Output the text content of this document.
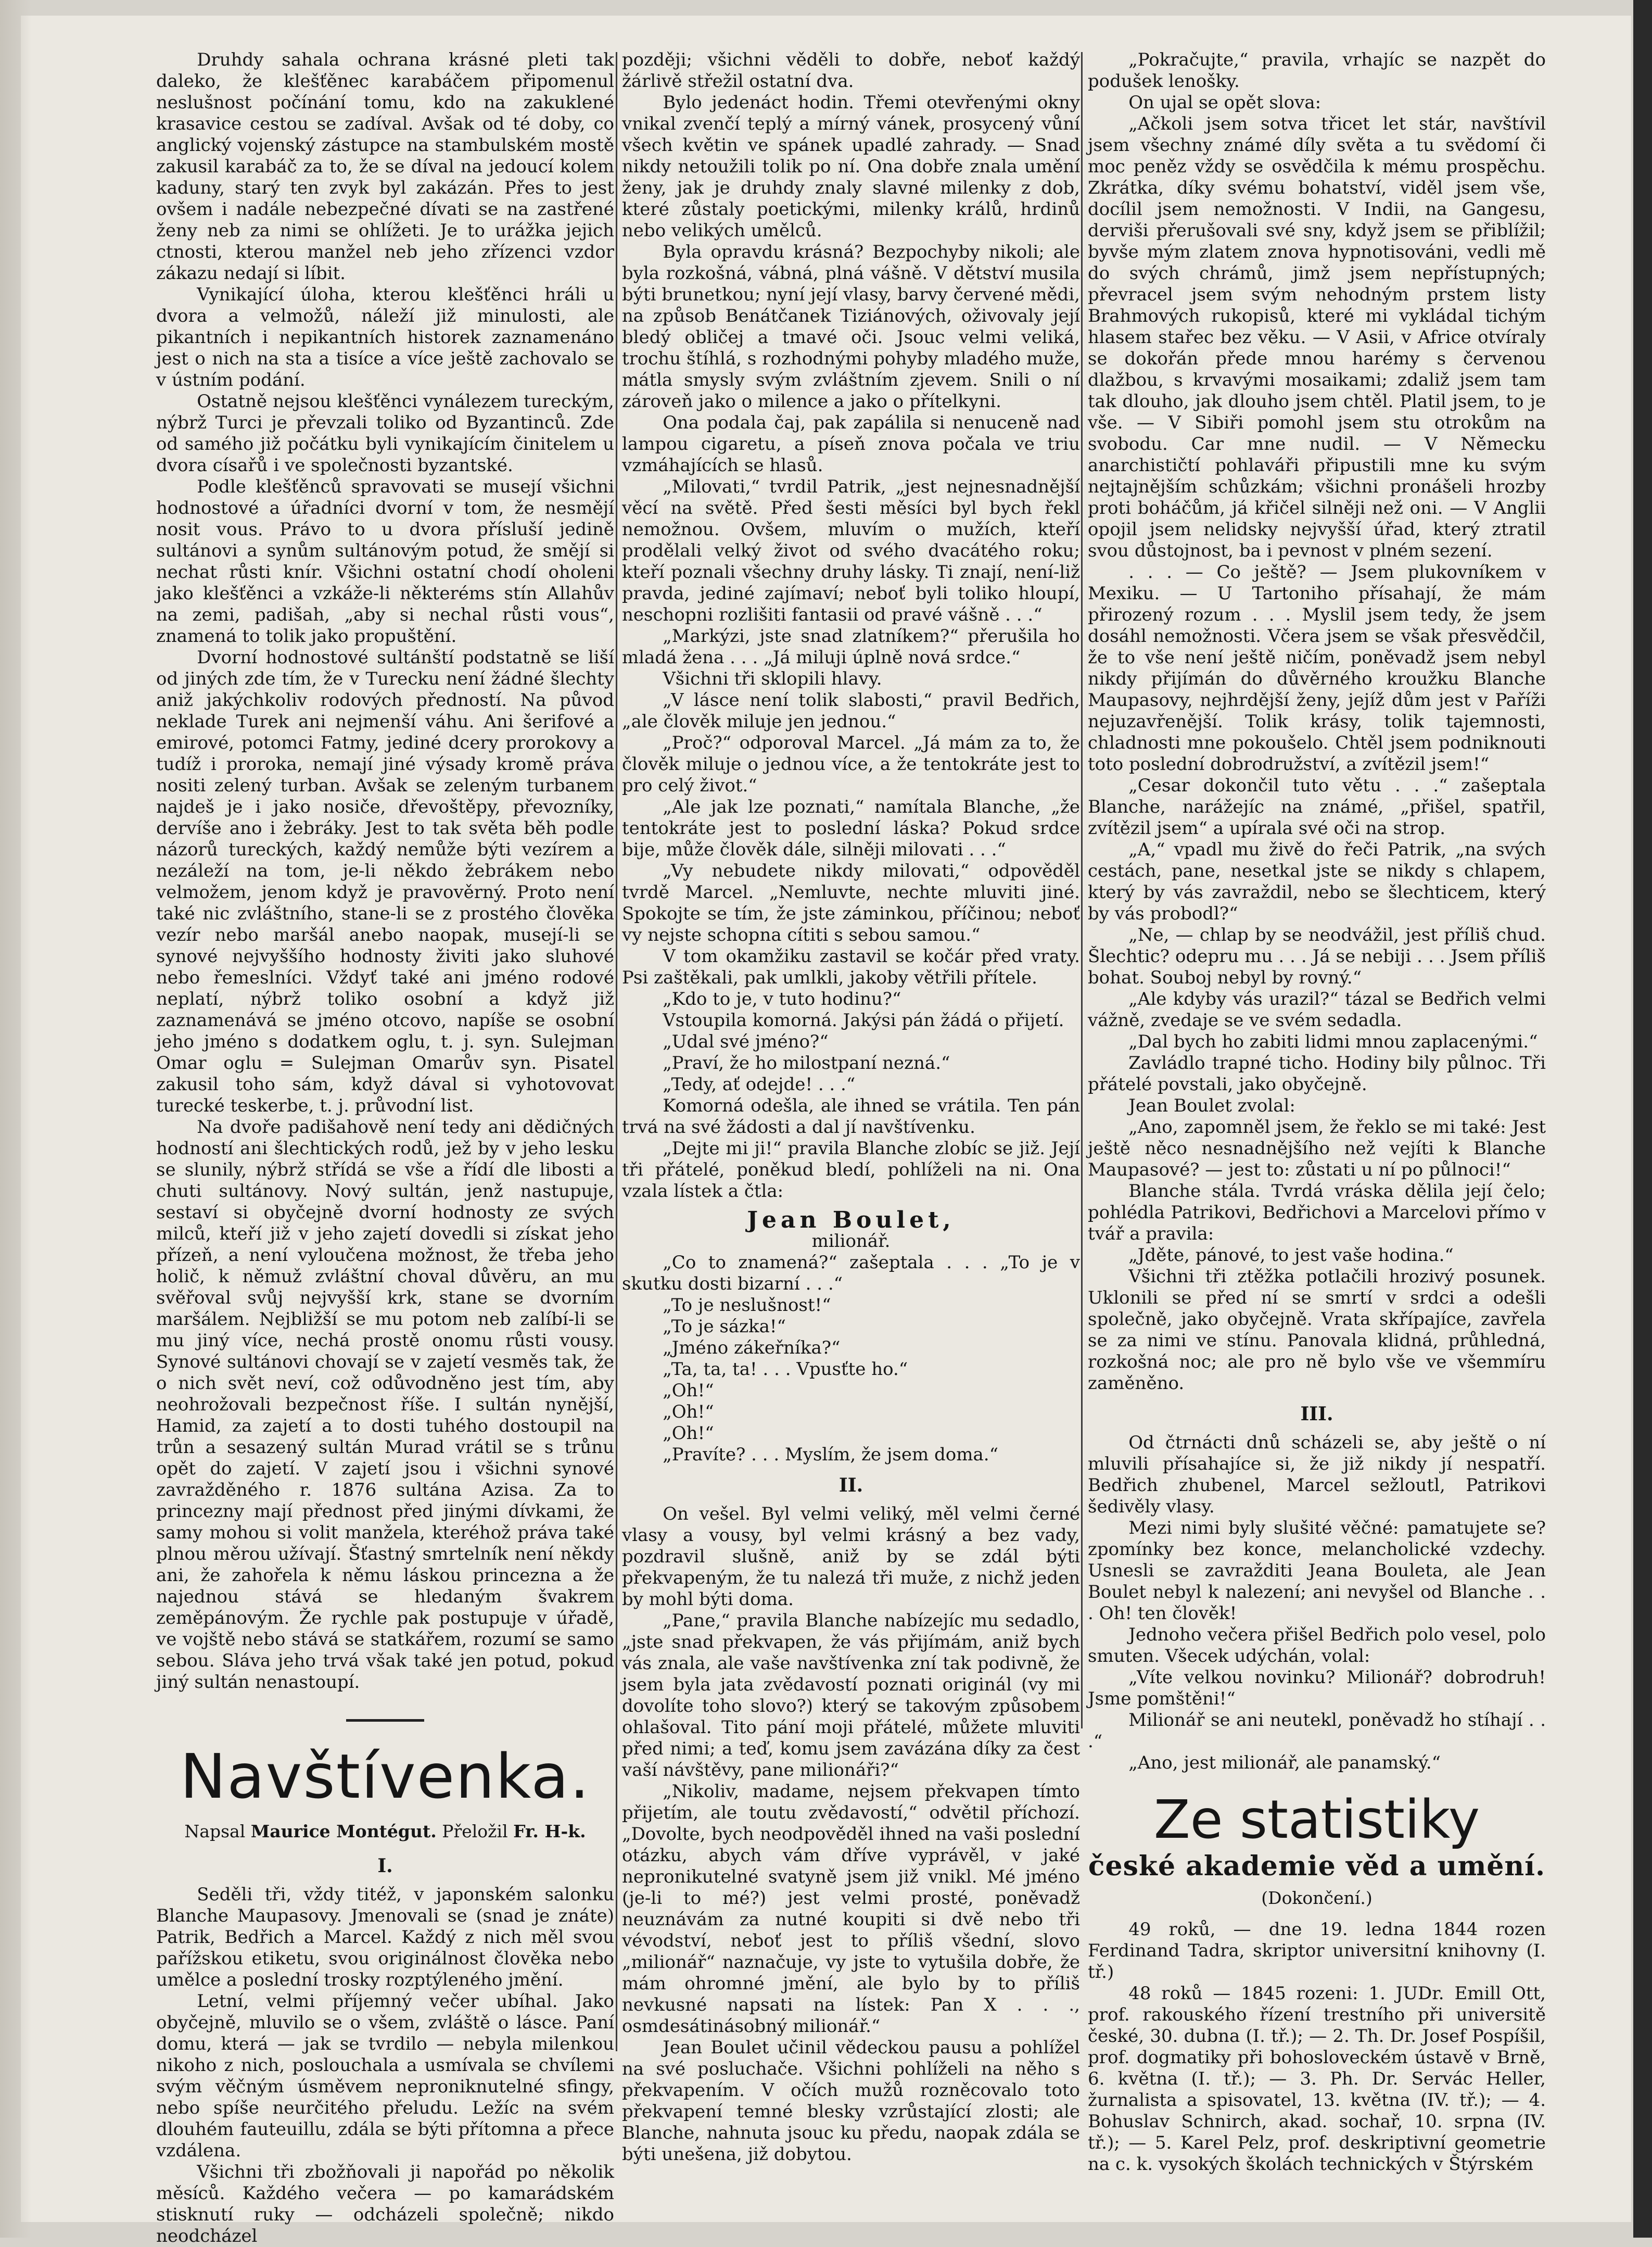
Druhdy sahala ochrana krásné pleti tak daleko, že klešťěnec karabáčem připomenul neslušnost počínání tomu, kdo na zakuklené krasavice cestou se zadíval. Avšak od té doby, co anglický vojenský zástupce na stambulském mostě zakusil karabáč za to, že se díval na jedoucí kolem kaduny, starý ten zvyk byl zakázán. Přes to jest ovšem i nadále nebezpečné dívati se na zastřené ženy neb za nimi se ohlížeti. Je to urážka jejich ctnosti, kterou manžel neb jeho zřízenci vzdor zákazu nedají si líbit.

Vynikající úloha, kterou klešťěnci hráli u dvora a velmožů, náleží již minulosti, ale pikantních i nepikantních historek zaznamenáno jest o nich na sta a tisíce a více ještě zachovalo se v ústním podání.

Ostatně nejsou klešťěnci vynálezem tureckým, nýbrž Turci je převzali toliko od Byzantinců. Zde od samého již počátku byli vynikajícím činitelem u dvora císařů i ve společnosti byzantské.

Podle klešťěnců spravovati se musejí všichni hodnostové a úřadníci dvorní v tom, že nesmějí nosit vous. Právo to u dvora přísluší jedině sultánovi a synům sultánovým potud, že smějí si nechat růsti knír. Všichni ostatní chodí oholeni jako klešťěnci a vzkáže-li některéms stín Allahův na zemi, padišah, „aby si nechal růsti vous“, znamená to tolik jako propuštění.

Dvorní hodnostové sultánští podstatně se liší od jiných zde tím, že v Turecku není žádné šlechty aniž jakýchkoliv rodových předností. Na původ neklade Turek ani nejmenší váhu. Ani šerifové a emirové, potomci Fatmy, jediné dcery prorokovy a tudíž i proroka, nemají jiné výsady kromě práva nositi zelený turban. Avšak se zeleným turbanem najdeš je i jako nosiče, dřevoštěpy, převozníky, dervíše ano i žebráky. Jest to tak světa běh podle názorů tureckých, každý nemůže býti vezírem a nezáleží na tom, je-li někdo žebrákem nebo velmožem, jenom když je pravověrný. Proto není také nic zvláštního, stane-li se z prostého člověka vezír nebo maršál anebo naopak, musejí-li se synové nejvyššího hodnosty živiti jako sluhové nebo řemeslníci. Vždyť také ani jméno rodové neplatí, nýbrž toliko osobní a když již zaznamenává se jméno otcovo, napíše se osobní jeho jméno s dodatkem oglu, t. j. syn. Sulejman Omar oglu = Sulejman Omarův syn. Pisatel zakusil toho sám, když dával si vyhotovovat turecké teskerbe, t. j. průvodní list.

Na dvoře padišahově není tedy ani dědičných hodností ani šlechtických rodů, jež by v jeho lesku se slunily, nýbrž střídá se vše a řídí dle libosti a chuti sultánovy. Nový sultán, jenž nastupuje, sestaví si obyčejně dvorní hodnosty ze svých milců, kteří již v jeho zajetí dovedli si získat jeho přízeň, a není vyloučena možnost, že třeba jeho holič, k němuž zvláštní choval důvěru, an mu svěřoval svůj nejvyšší krk, stane se dvorním maršálem. Nejbližší se mu potom neb zalíbí-li se mu jiný více, nechá prostě onomu růsti vousy. Synové sultánovi chovají se v zajetí vesměs tak, že o nich svět neví, což odůvodněno jest tím, aby neohrožovali bezpečnost říše. I sultán nynější, Hamid, za zajetí a to dosti tuhého dostoupil na trůn a sesazený sultán Murad vrátil se s trůnu opět do zajetí. V zajetí jsou i všichni synové zavražděného r. 1876 sultána Azisa. Za to princezny mají přednost před jinými dívkami, že samy mohou si volit manžela, kteréhož práva také plnou měrou užívají. Šťastný smrtelník není někdy ani, že zahořela k němu láskou princezna a že najednou stává se hledaným švakrem zeměpánovým. Že rychle pak postupuje v úřadě, ve vojště nebo stává se statkářem, rozumí se samo sebou. Sláva jeho trvá však také jen potud, pokud jiný sultán nenastoupí.

Navštívenka.
Napsal Maurice Montégut. Přeložil Fr. H-k.
I.

Seděli tři, vždy titéž, v japonském salonku Blanche Maupasovy. Jmenovali se (snad je znáte) Patrik, Bedřich a Marcel. Každý z nich měl svou pařížskou etiketu, svou originálnost člověka nebo umělce a poslední trosky rozptýleného jmění.

Letní, velmi příjemný večer ubíhal. Jako obyčejně, mluvilo se o všem, zvláště o lásce. Paní domu, která — jak se tvrdilo — nebyla milenkou nikoho z nich, poslouchala a usmívala se chvílemi svým věčným úsměvem neproniknutelné sfingy, nebo spíše neurčitého přeludu. Ležíc na svém dlouhém fauteuillu, zdála se býti přítomna a přece vzdálena.

Všichni tři zbožňovali ji napořád po několik měsíců. Každého večera — po kamarádském stisknutí ruky — odcházeli společně; nikdo neodcházel

později; všichni věděli to dobře, neboť každý žárlivě střežil ostatní dva.

Bylo jedenáct hodin. Třemi otevřenými okny vnikal zvenčí teplý a mírný vánek, prosycený vůní všech květin ve spánek upadlé zahrady. — Snad nikdy netoužili tolik po ní. Ona dobře znala umění ženy, jak je druhdy znaly slavné milenky z dob, které zůstaly poetickými, milenky králů, hrdinů nebo velikých umělců.

Byla opravdu krásná? Bezpochyby nikoli; ale byla rozkošná, vábná, plná vášně. V dětství musila býti brunetkou; nyní její vlasy, barvy červené mědi, na způsob Benátčanek Tiziánových, oživovaly její bledý obličej a tmavé oči. Jsouc velmi veliká, trochu štíhlá, s rozhodnými pohyby mladého muže, mátla smysly svým zvláštním zjevem. Snili o ní zároveň jako o milence a jako o přítelkyni.

Ona podala čaj, pak zapálila si nenuceně nad lampou cigaretu, a píseň znova počala ve triu vzmáhajících se hlasů.

„Milovati,“ tvrdil Patrik, „jest nejnesnadnější věcí na světě. Před šesti měsíci byl bych řekl nemožnou. Ovšem, mluvím o mužích, kteří prodělali velký život od svého dvacátého roku; kteří poznali všechny druhy lásky. Ti znají, není-liž pravda, jediné zajímaví; neboť byli toliko hloupí, neschopni rozlišiti fantasii od pravé vášně . . .“

„Markýzi, jste snad zlatníkem?“ přerušila ho mladá žena . . . „Já miluji úplně nová srdce.“

Všichni tři sklopili hlavy.

„V lásce není tolik slabosti,“ pravil Bedřich, „ale člověk miluje jen jednou.“

„Proč?“ odporoval Marcel. „Já mám za to, že člověk miluje o jednou více, a že tentokráte jest to pro celý život.“

„Ale jak lze poznati,“ namítala Blanche, „že tentokráte jest to poslední láska? Pokud srdce bije, může člověk dále, silněji milovati . . .“

„Vy nebudete nikdy milovati,“ odpověděl tvrdě Marcel. „Nemluvte, nechte mluviti jiné. Spokojte se tím, že jste záminkou, příčinou; neboť vy nejste schopna cítiti s sebou samou.“

V tom okamžiku zastavil se kočár před vraty. Psi zaštěkali, pak umlkli, jakoby větřili přítele.

„Kdo to je, v tuto hodinu?“

Vstoupila komorná. Jakýsi pán žádá o přijetí.

„Udal své jméno?“

„Praví, že ho milostpaní nezná.“

„Tedy, ať odejde! . . .“

Komorná odešla, ale ihned se vrátila. Ten pán trvá na své žádosti a dal jí navštívenku.

„Dejte mi ji!“ pravila Blanche zlobíc se již. Její tři přátelé, poněkud bledí, pohlíželi na ni. Ona vzala lístek a čtla:

Jean Boulet,

milionář.

„Co to znamená?“ zašeptala . . . „To je v skutku dosti bizarní . . .“

„To je neslušnost!“

„To je sázka!“

„Jméno zákeřníka?“

„Ta, ta, ta! . . . Vpusťte ho.“

„Oh!“

„Oh!“

„Oh!“

„Pravíte? . . . Myslím, že jsem doma.“

II.

On vešel. Byl velmi veliký, měl velmi černé vlasy a vousy, byl velmi krásný a bez vady, pozdravil slušně, aniž by se zdál býti překvapeným, že tu nalezá tři muže, z nichž jeden by mohl býti doma.

„Pane,“ pravila Blanche nabízejíc mu sedadlo, „jste snad překvapen, že vás přijímám, aniž bych vás znala, ale vaše navštívenka zní tak podivně, že jsem byla jata zvědavostí poznati originál (vy mi dovolíte toho slovo?) který se takovým způsobem ohlašoval. Tito pání moji přátelé, můžete mluviti před nimi; a teď, komu jsem zavázána díky za čest vaší návštěvy, pane milionáři?“

„Nikoliv, madame, nejsem překvapen tímto přijetím, ale toutu zvědavostí,“ odvětil příchozí. „Dovolte, bych neodpověděl ihned na vaši poslední otázku, abych vám dříve vyprávěl, v jaké nepronikutelné svatyně jsem již vnikl. Mé jméno (je-li to mé?) jest velmi prosté, poněvadž neuznávám za nutné koupiti si dvě nebo tři vévodství, neboť jest to příliš všední, slovo „milionář“ naznačuje, vy jste to vytušila dobře, že mám ohromné jmění, ale bylo by to příliš nevkusné napsati na lístek: Pan X . . ., osmdesátinásobný milionář.“

Jean Boulet učinil vědeckou pausu a pohlížel na své posluchače. Všichni pohlíželi na něho s překvapením. V očích mužů rozněcovalo toto překvapení temné blesky vzrůstající zlosti; ale Blanche, nahnuta jsouc ku předu, naopak zdála se býti unešena, již dobytou.

„Pokračujte,“ pravila, vrhajíc se nazpět do podušek lenošky.

On ujal se opět slova:

„Ačkoli jsem sotva třicet let stár, navštívil jsem všechny známé díly světa a tu svědomí či moc peněz vždy se osvědčila k mému prospěchu. Zkrátka, díky svému bohatství, viděl jsem vše, docílil jsem nemožnosti. V Indii, na Gangesu, derviši přerušovali své sny, když jsem se přiblížil; byvše mým zlatem znova hypnotisováni, vedli mě do svých chrámů, jimž jsem nepřístupných; převracel jsem svým nehodným prstem listy Brahmových rukopisů, které mi vykládal tichým hlasem stařec bez věku. — V Asii, v Africe otvíraly se dokořán přede mnou harémy s červenou dlažbou, s krvavými mosaikami; zdaliž jsem tam tak dlouho, jak dlouho jsem chtěl. Platil jsem, to je vše. — V Sibiři pomohl jsem stu otrokům na svobodu. Car mne nudil. — V Německu anarchističtí pohlaváři připustili mne ku svým nejtajnějším schůzkám; všichni pronášeli hrozby proti boháčům, já křičel silněji než oni. — V Anglii opojil jsem nelidsky nejvyšší úřad, který ztratil svou důstojnost, ba i pevnost v plném sezení.

. . . — Co ještě? — Jsem plukovníkem v Mexiku. — U Tartoniho přísahají, že mám přirozený rozum . . . Myslil jsem tedy, že jsem dosáhl nemožnosti. Včera jsem se však přesvědčil, že to vše není ještě ničím, poněvadž jsem nebyl nikdy přijímán do důvěrného kroužku Blanche Maupasovy, nejhrdější ženy, jejíž dům jest v Paříži nejuzavřenější. Tolik krásy, tolik tajemnosti, chladnosti mne pokoušelo. Chtěl jsem podniknouti toto poslední dobrodružství, a zvítězil jsem!“

„Cesar dokončil tuto větu . . .“ zašeptala Blanche, narážejíc na známé, „přišel, spatřil, zvítězil jsem“ a upírala své oči na strop.

„A,“ vpadl mu živě do řeči Patrik, „na svých cestách, pane, nesetkal jste se nikdy s chlapem, který by vás zavraždil, nebo se šlechticem, který by vás probodl?“

„Ne, — chlap by se neodvážil, jest příliš chud. Šlechtic? odepru mu . . . Já se nebiji . . . Jsem příliš bohat. Souboj nebyl by rovný.“

„Ale kdyby vás urazil?“ tázal se Bedřich velmi vážně, zvedaje se ve svém sedadla.

„Dal bych ho zabiti lidmi mnou zaplacenými.“

Zavládlo trapné ticho. Hodiny bily půlnoc. Tři přátelé povstali, jako obyčejně.

Jean Boulet zvolal:

„Ano, zapomněl jsem, že řeklo se mi také: Jest ještě něco nesnadnějšího než vejíti k Blanche Maupasové? — jest to: zůstati u ní po půlnoci!“

Blanche stála. Tvrdá vráska dělila její čelo; pohlédla Patrikovi, Bedřichovi a Marcelovi přímo v tvář a pravila:

„Jděte, pánové, to jest vaše hodina.“

Všichni tři ztěžka potlačili hrozivý posunek. Uklonili se před ní se smrtí v srdci a odešli společně, jako obyčejně. Vrata skřípajíce, zavřela se za nimi ve stínu. Panovala klidná, průhledná, rozkošná noc; ale pro ně bylo vše ve všemmíru zaměněno.

III.

Od čtrnácti dnů scházeli se, aby ještě o ní mluvili přísahajíce si, že již nikdy jí nespatří. Bedřich zhubenel, Marcel sežloutl, Patrikovi šedivěly vlasy.

Mezi nimi byly slušité věčné: pamatujete se? zpomínky bez konce, melancholické vzdechy. Usnesli se zavražditi Jeana Bouleta, ale Jean Boulet nebyl k nalezení; ani nevyšel od Blanche . . . Oh! ten člověk!

Jednoho večera přišel Bedřich polo vesel, polo smuten. Všecek udýchán, volal:

„Víte velkou novinku? Milionář? dobrodruh! Jsme pomštěni!“

Milionář se ani neutekl, poněvadž ho stíhají . . .“

„Ano, jest milionář, ale panamský.“

Ze statistiky
české akademie věd a umění.
(Dokončení.)

49 roků, — dne 19. ledna 1844 rozen Ferdinand Tadra, skriptor universitní knihovny (I. tř.)

48 roků — 1845 rozeni: 1. JUDr. Emill Ott, prof. rakouského řízení trestního při universitě české, 30. dubna (I. tř.); — 2. Th. Dr. Josef Pospíšil, prof. dogmatiky při bohosloveckém ústavě v Brně, 6. května (I. tř.); — 3. Ph. Dr. Servác Heller, žurnalista a spisovatel, 13. května (IV. tř.); — 4. Bohuslav Schnirch, akad. sochař, 10. srpna (IV. tř.); — 5. Karel Pelz, prof. deskriptivní geometrie na c. k. vysokých školách technických v Štýrském
